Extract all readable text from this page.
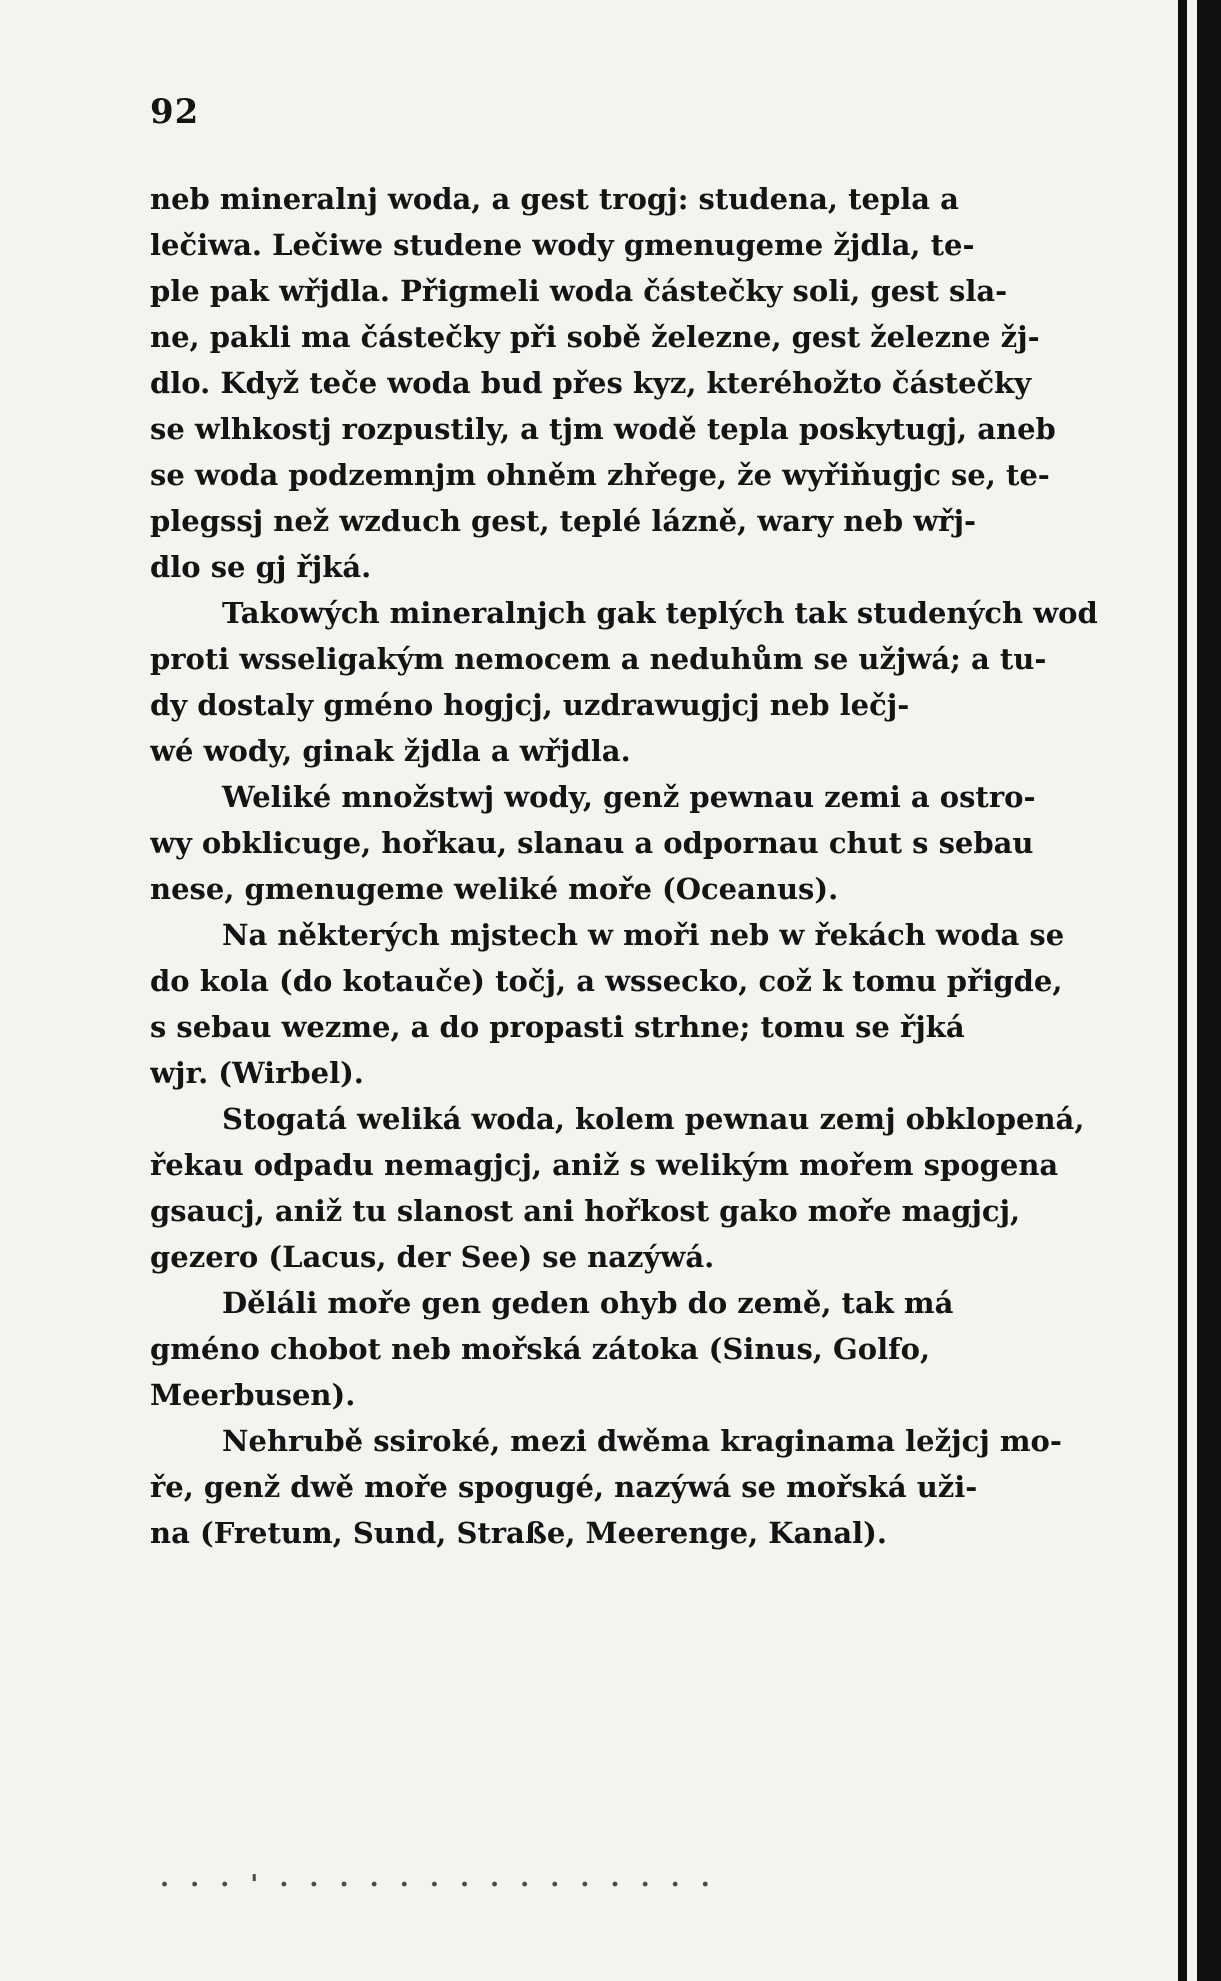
92
neb mineralnj woda, a gest trogj: studena, tepla a
lečiwa. Lečiwe studene wody gmenugeme žjdla, te-
ple pak wřjdla. Přigmeli woda částečky soli, gest sla-
ne, pakli ma částečky při sobě železne, gest železne žj-
dlo. Když teče woda bud přes kyz, kteréhožto částečky
se wlhkostj rozpustily, a tjm wodě tepla poskytugj, aneb
se woda podzemnjm ohněm zhřege, že wyřiňugjc se, te-
plegssj než wzduch gest, teplé lázně, wary neb wřj-
dlo se gj řjká.
Takowých mineralnjch gak teplých tak studených wod
proti wsseligakým nemocem a neduhům se užjwá; a tu-
dy dostaly gméno hogjcj, uzdrawugjcj neb lečj-
wé wody, ginak žjdla a wřjdla.
Weliké množstwj wody, genž pewnau zemi a ostro-
wy obklicuge, hořkau, slanau a odpornau chut s sebau
nese, gmenugeme weliké moře (Oceanus).
Na některých mjstech w moři neb w řekách woda se
do kola (do kotauče) točj, a wssecko, což k tomu přigde,
s sebau wezme, a do propasti strhne; tomu se řjká
wjr. (Wirbel).
Stogatá weliká woda, kolem pewnau zemj obklopená,
řekau odpadu nemagjcj, aniž s welikým mořem spogena
gsaucj, aniž tu slanost ani hořkost gako moře magjcj,
gezero (Lacus, der See) se nazýwá.
Děláli moře gen geden ohyb do země, tak má
gméno chobot neb mořská zátoka (Sinus, Golfo,
Meerbusen).
Nehrubě ssiroké, mezi dwěma kraginama ležjcj mo-
ře, genž dwě moře spogugé, nazýwá se mořská uži-
na (Fretum, Sund, Straße, Meerenge, Kanal).
· · · ' · · · · · · · · · · · · · · ·
